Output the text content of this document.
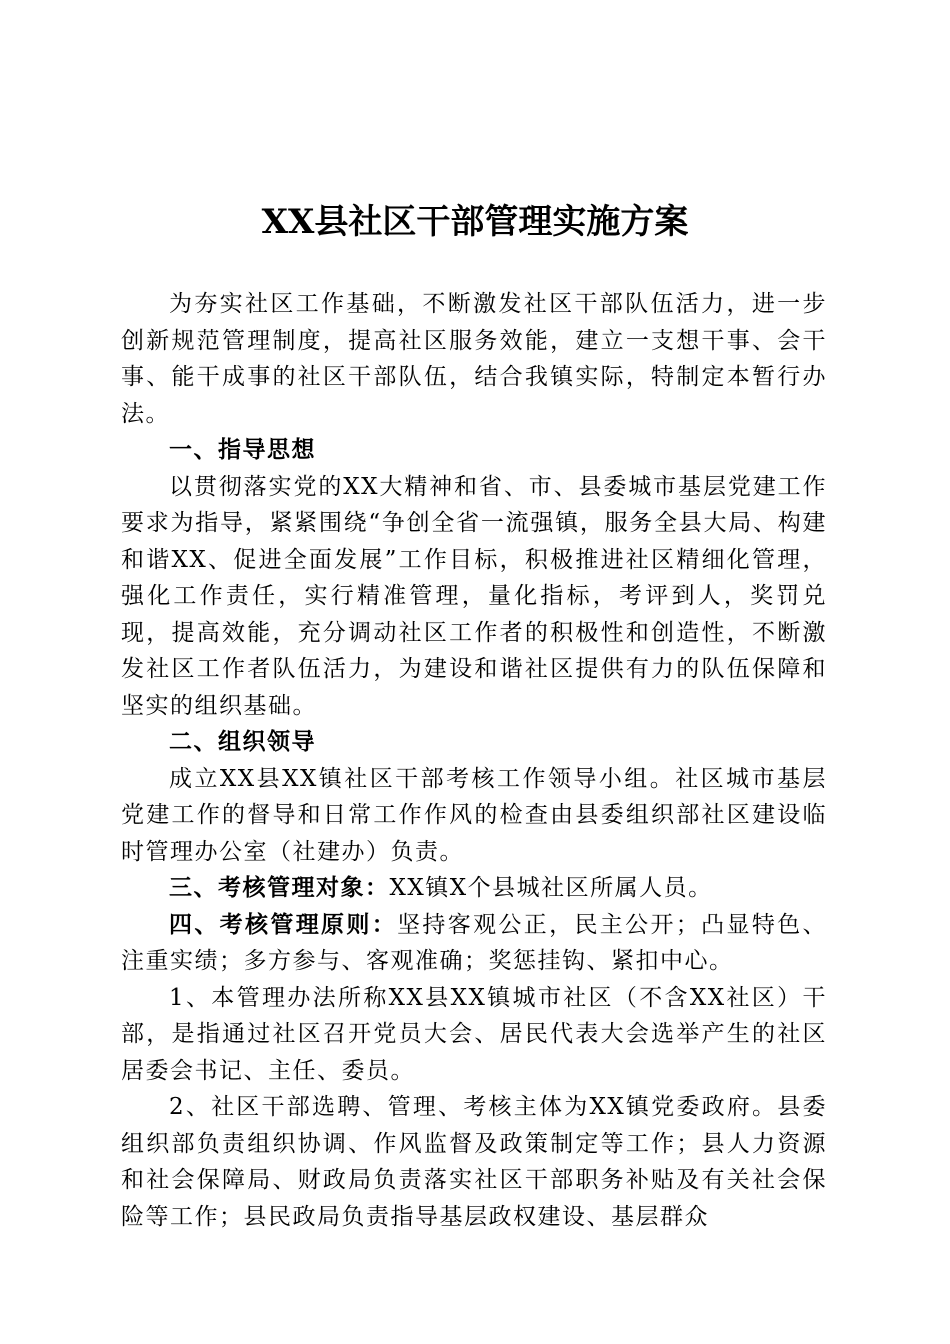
XX县社区干部管理实施方案

为夯实社区工作基础，不断激发社区干部队伍活力，进一步创新规范管理制度，提高社区服务效能，建立一支想干事、会干事、能干成事的社区干部队伍，结合我镇实际，特制定本暂行办法。

一、指导思想

以贯彻落实党的XX大精神和省、市、县委城市基层党建工作要求为指导，紧紧围绕“争创全省一流强镇，服务全县大局、构建和谐XX、促进全面发展”工作目标，积极推进社区精细化管理，强化工作责任，实行精准管理，量化指标，考评到人，奖罚兑现，提高效能，充分调动社区工作者的积极性和创造性，不断激发社区工作者队伍活力，为建设和谐社区提供有力的队伍保障和坚实的组织基础。

二、组织领导

成立XX县XX镇社区干部考核工作领导小组。社区城市基层党建工作的督导和日常工作作风的检查由县委组织部社区建设临时管理办公室（社建办）负责。

三、考核管理对象：XX镇X个县城社区所属人员。

四、考核管理原则：坚持客观公正，民主公开；凸显特色、注重实绩；多方参与、客观准确；奖惩挂钩、紧扣中心。

1、本管理办法所称XX县XX镇城市社区（不含XX社区）干部，是指通过社区召开党员大会、居民代表大会选举产生的社区居委会书记、主任、委员。

2、社区干部选聘、管理、考核主体为XX镇党委政府。县委组织部负责组织协调、作风监督及政策制定等工作；县人力资源和社会保障局、财政局负责落实社区干部职务补贴及有关社会保险等工作；县民政局负责指导基层政权建设、基层群众
